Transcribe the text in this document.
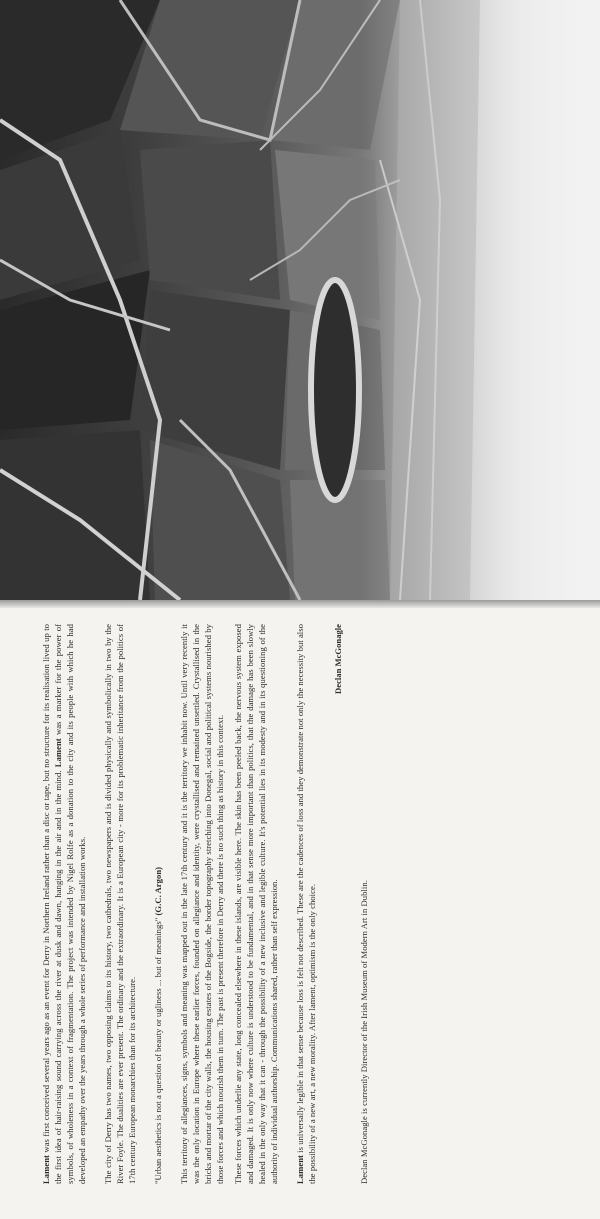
Lament was first conceived several years ago as an event for Derry in Northern Ireland rather than a disc or tape, but no structure for its realisation lived up to the first idea of hair-raising sound carrying across the river at dusk and dawn, hanging in the air and in the mind. Lament was a marker for the power of symbols, of wholeness in a context of fragmentation. The project was intended by Nigel Rolfe as a donation to the city and its people with which he had developed an empathy over the years through a whole series of performance and installation works. The city of Derry has two names, two opposing claims to its history, two cathedrals, two newspapers and is divided physically and symbolically in two by the River Foyle. The dualities are ever present. The ordinary and the extraordinary. It is a European city - more for its problematic inheritance from the politics of 17th century European monarchies than for its architecture. "Urban aesthetics is not a question of beauty or ugliness ... but of meanings" (G.C. Argon) This territory of allegiances, signs, symbols and meaning was mapped out in the late 17th century and it is the territory we inhabit now. Until very recently it was the only location in Europe where these earlier forces, founded on allegiance and identity, were crystallised and remained unsettled. Crystallised in the bricks and mortar of the city walls, the housing estates of the Bogside, the border topography stretching into Donegal, social and political systems nourished by those forces and which nourish them in turn. The past is present therefore in Derry and there is no such thing as history in this context. These forces which underlie any state, long concealed elsewhere in these islands, are visible here. The skin has been peeled back, the nervous system exposed and damaged. It is only now where culture is understood to be fundamental, and in that sense more important than politics, that the damage has been slowly healed in the only way that it can - through the possibility of a new inclusive and legible culture. It's potential lies in its modesty and in its questioning of the authority of individual authorship. Communications shared, rather than self expression. Lament is universally legible in that sense because loss is felt not described. These are the cadences of loss and they demonstrate not only the necessity but also the possibility of a new art, a new morality. After lament, optimism is the only choice.

Declan McGonagle

Declan McGonagle is currently Director of the Irish Museum of Modern Art in Dublin.
